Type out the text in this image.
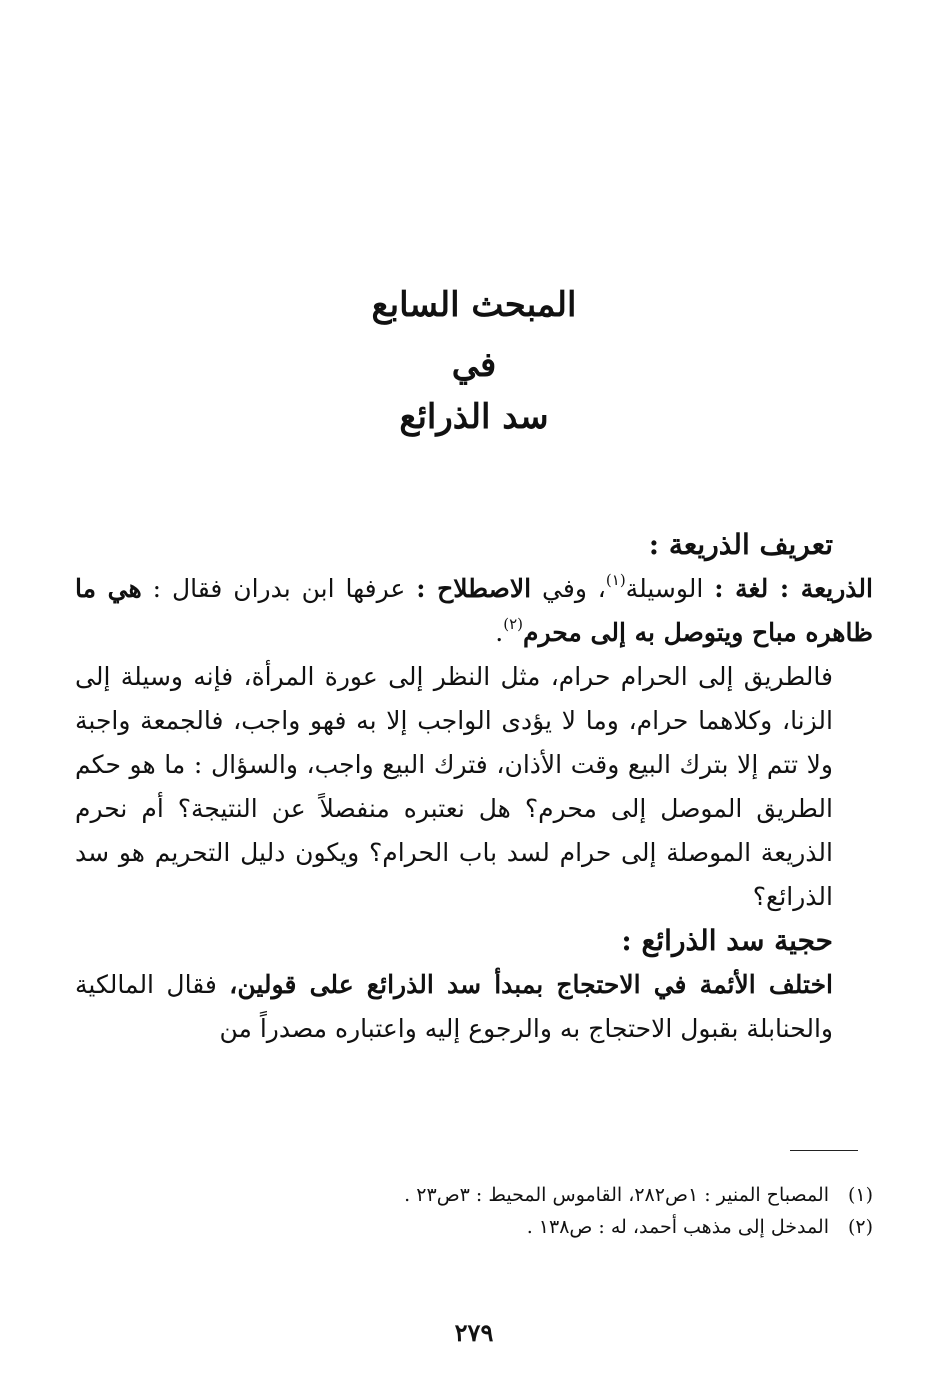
المبحث السابع
في
سد الذرائع
تعريف الذريعة :
الذريعة : لغة : الوسيلة$^{(١)}$، وفي الاصطلاح : عرفها ابن بدران فقال : هي ما ظاهره مباح ويتوصل به إلى محرم$^{(٢)}$.
فالطريق إلى الحرام حرام، مثل النظر إلى عورة المرأة، فإنه وسيلة إلى الزنا، وكلاهما حرام، وما لا يؤدى الواجب إلا به فهو واجب، فالجمعة واجبة ولا تتم إلا بترك البيع وقت الأذان، فترك البيع واجب، والسؤال : ما هو حكم الطريق الموصل إلى محرم؟ هل نعتبره منفصلاً عن النتيجة؟ أم نحرم الذريعة الموصلة إلى حرام لسد باب الحرام؟ ويكون دليل التحريم هو سد الذرائع؟
حجية سد الذرائع :
اختلف الأئمة في الاحتجاج بمبدأ سد الذرائع على قولين، فقال المالكية والحنابلة بقبول الاحتجاج به والرجوع إليه واعتباره مصدراً من
(١)المصباح المنير : ١ص٢٨٢، القاموس المحيط : ٣ص٢٣ .
(٢)المدخل إلى مذهب أحمد، له : ص١٣٨ .
٢٧٩
